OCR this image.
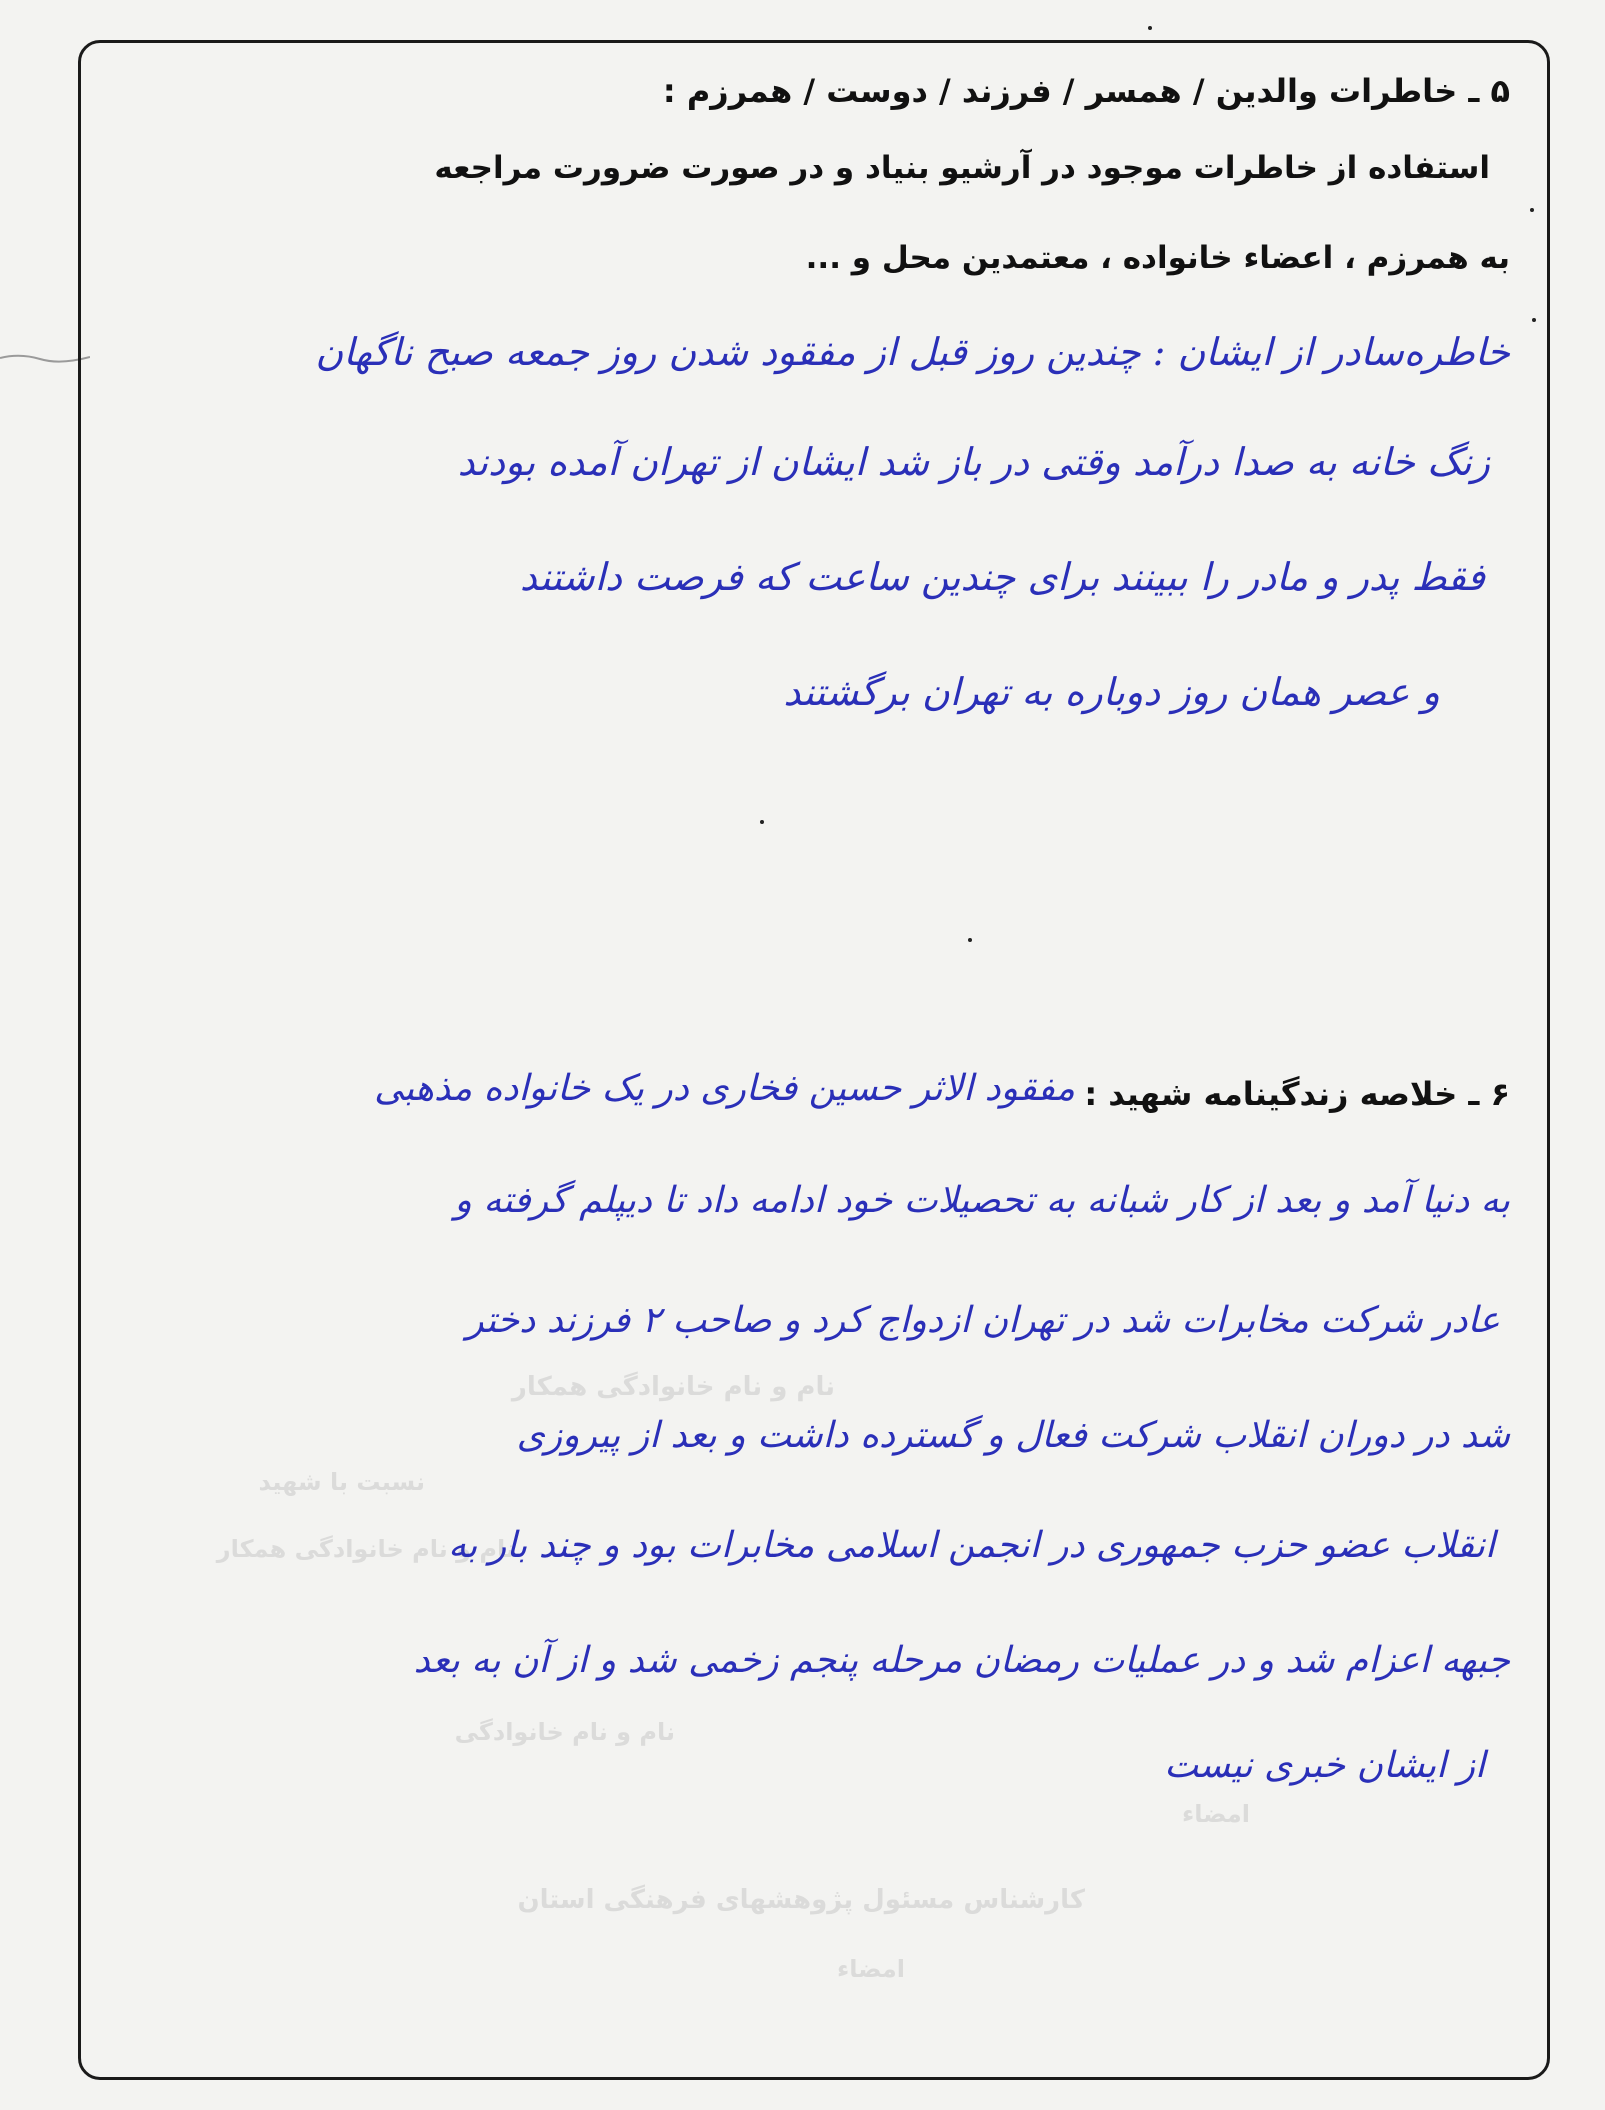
نام و نام خانوادگی همکار
نسبت با شهید
نام و نام خانوادگی همکار
نام و نام خانوادگی
امضاء
کارشناس مسئول پژوهشهای فرهنگی استان
امضاء
۵ ـ خاطرات والدین / همسر / فرزند / دوست / همرزم :
استفاده از خاطرات موجود در آرشیو بنیاد و در صورت ضرورت مراجعه
به همرزم ، اعضاء خانواده ، معتمدین محل و ...
خاطره‌سادر از ایشان : چندین روز قبل از مفقود شدن روز جمعه صبح ناگهان
زنگ خانه به صدا درآمد وقتی در باز شد ایشان از تهران آمده بودند
فقط پدر و مادر را ببینند برای چندین ساعت که فرصت داشتند
و عصر همان روز دوباره به تهران برگشتند
۶ ـ خلاصه زندگینامه شهید :
مفقود الاثر حسین فخاری در یک خانواده مذهبی
به دنیا آمد و بعد از کار شبانه به تحصیلات خود ادامه داد تا دیپلم گرفته و
عادر شرکت مخابرات شد در تهران ازدواج کرد و صاحب ۲ فرزند دختر
شد در دوران انقلاب شرکت فعال و گسترده داشت و بعد از پیروزی
انقلاب عضو حزب جمهوری در انجمن اسلامی مخابرات بود و چند بار به
جبهه اعزام شد و در عملیات رمضان مرحله پنجم زخمی شد و از آن به بعد
از ایشان خبری نیست
